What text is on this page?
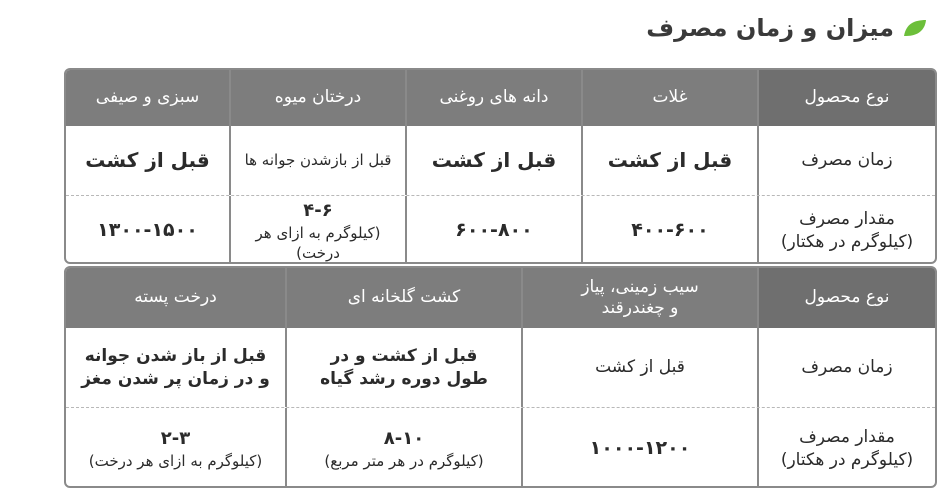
میزان و زمان مصرف
نوع محصول
غلات
دانه های روغنی
درختان میوه
سبزی و صیفی
زمان مصرف
قبل از کشت
قبل از کشت
قبل از بازشدن جوانه ها
قبل از کشت
مقدار مصرف
(کیلوگرم در هکتار)
۴۰۰-۶۰۰
۶۰۰-۸۰۰
۴-۶
(کیلوگرم به ازای هر درخت)
۱۳۰۰-۱۵۰۰
نوع محصول
سیب زمینی، پیاز
و چغندرقند
کشت گلخانه ای
درخت پسته
زمان مصرف
قبل از کشت
قبل از کشت و در
طول دوره رشد گیاه
قبل از باز شدن جوانه
و در زمان پر شدن مغز
مقدار مصرف
(کیلوگرم در هکتار)
۱۰۰۰-۱۲۰۰
۸-۱۰
(کیلوگرم در هر متر مربع)
۲-۳
(کیلوگرم به ازای هر درخت)
